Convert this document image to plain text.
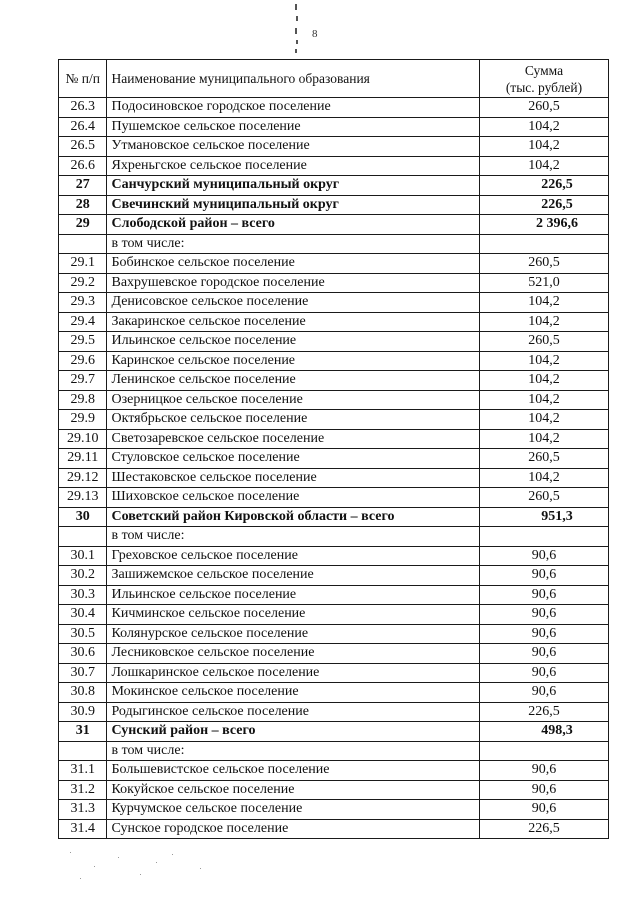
8
№ п/п	Наименование муниципального образования	Сумма
(тыс. рублей)

26.3	Подосиновское городское поселение	260,5
26.4	Пушемское сельское поселение	104,2
26.5	Утмановское сельское поселение	104,2
26.6	Яхреньгское сельское поселение	104,2
27	Санчурский муниципальный округ	226,5
28	Свечинский муниципальный округ	226,5
29	Слободской район – всего	2 396,6
	в том числе:	
29.1	Бобинское сельское поселение	260,5
29.2	Вахрушевское городское поселение	521,0
29.3	Денисовское сельское поселение	104,2
29.4	Закаринское сельское поселение	104,2
29.5	Ильинское сельское поселение	260,5
29.6	Каринское сельское поселение	104,2
29.7	Ленинское сельское поселение	104,2
29.8	Озерницкое сельское поселение	104,2
29.9	Октябрьское сельское поселение	104,2
29.10	Светозаревское сельское поселение	104,2
29.11	Стуловское сельское поселение	260,5
29.12	Шестаковское сельское поселение	104,2
29.13	Шиховское сельское поселение	260,5
30	Советский район Кировской области – всего	951,3
	в том числе:	
30.1	Греховское сельское поселение	90,6
30.2	Зашижемское сельское поселение	90,6
30.3	Ильинское сельское поселение	90,6
30.4	Кичминское сельское поселение	90,6
30.5	Колянурское сельское поселение	90,6
30.6	Лесниковское сельское поселение	90,6
30.7	Лошкаринское сельское поселение	90,6
30.8	Мокинское сельское поселение	90,6
30.9	Родыгинское сельское поселение	226,5
31	Сунский район – всего	498,3
	в том числе:	
31.1	Большевистское сельское поселение	90,6
31.2	Кокуйское сельское поселение	90,6
31.3	Курчумское сельское поселение	90,6
31.4	Сунское городское поселение	226,5
